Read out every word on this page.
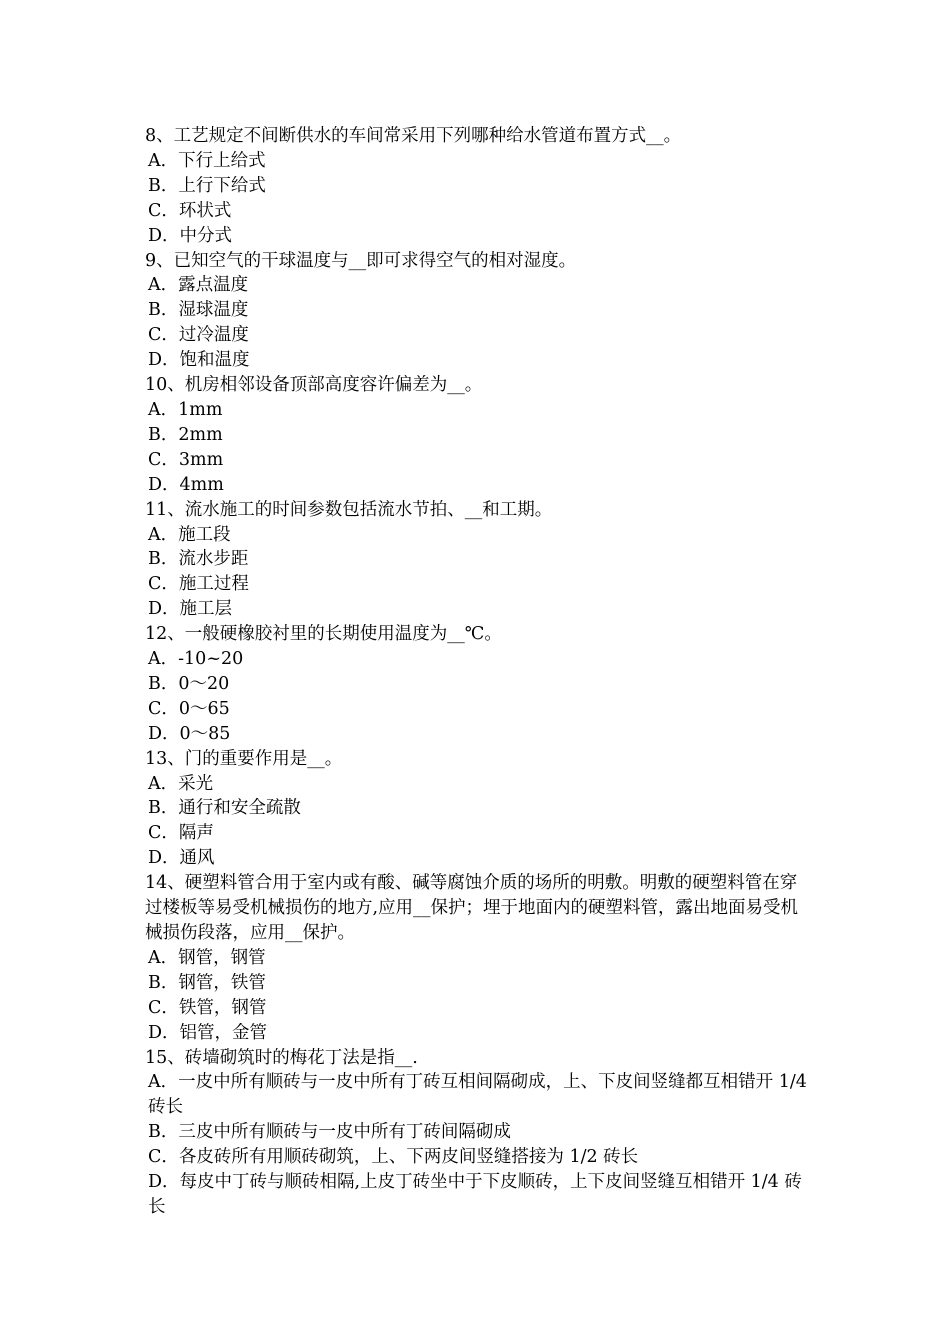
8、工艺规定不间断供水的车间常采用下列哪种给水管道布置方式__。

A．下行上给式

B．上行下给式

C．环状式

D．中分式

9、已知空气的干球温度与__即可求得空气的相对湿度。

A．露点温度

B．湿球温度

C．过冷温度

D．饱和温度

10、机房相邻设备顶部高度容许偏差为__。

A．1mm

B．2mm

C．3mm

D．4mm

11、流水施工的时间参数包括流水节拍、__和工期。

A．施工段

B．流水步距

C．施工过程

D．施工层

12、一般硬橡胶衬里的长期使用温度为__℃。

A．-10~20

B．0～20

C．0～65

D．0～85

13、门的重要作用是__。

A．采光

B．通行和安全疏散

C．隔声

D．通风

14、硬塑料管合用于室内或有酸、碱等腐蚀介质的场所的明敷。明敷的硬塑料管在穿过楼板等易受机械损伤的地方,应用__保护；埋于地面内的硬塑料管，露出地面易受机械损伤段落，应用__保护。

A．钢管，钢管

B．钢管，铁管

C．铁管，钢管

D．铝管，金管

15、砖墙砌筑时的梅花丁法是指__.

A．一皮中所有顺砖与一皮中所有丁砖互相间隔砌成，上、下皮间竖缝都互相错开 1/4 砖长

B．三皮中所有顺砖与一皮中所有丁砖间隔砌成

C．各皮砖所有用顺砖砌筑，上、下两皮间竖缝搭接为 1/2 砖长

D．每皮中丁砖与顺砖相隔,上皮丁砖坐中于下皮顺砖，上下皮间竖缝互相错开 1/4 砖长
